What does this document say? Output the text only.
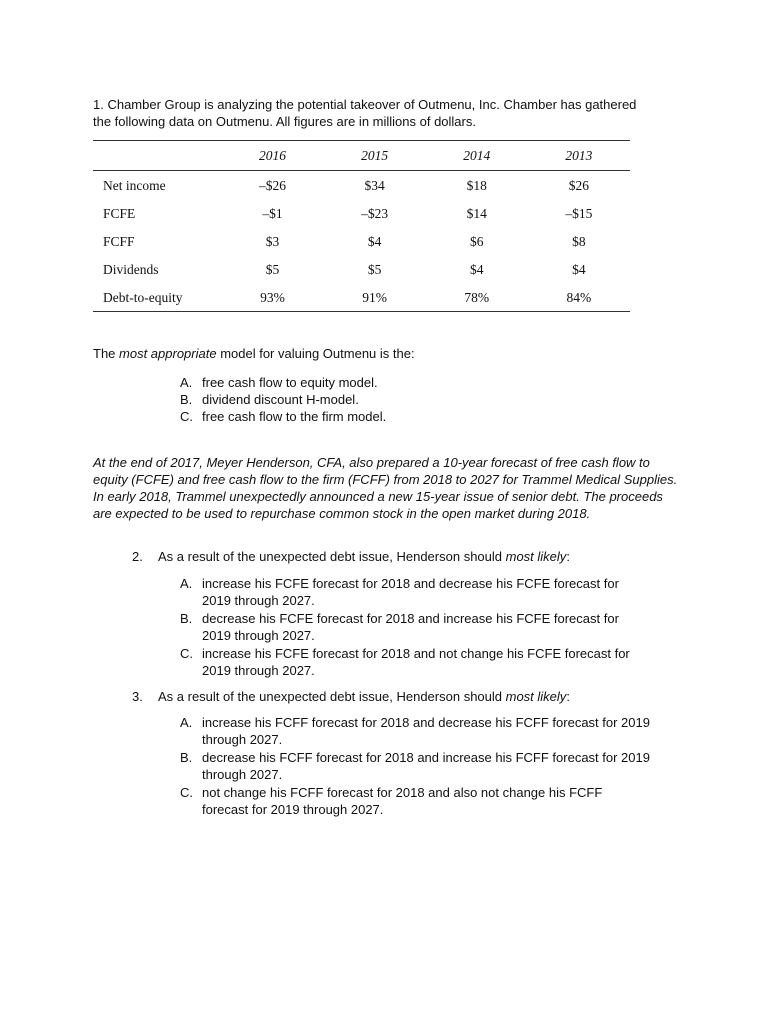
1. Chamber Group is analyzing the potential takeover of Outmenu, Inc. Chamber has gathered the following data on Outmenu. All figures are in millions of dollars.
	2016	2015	2014	2013
Net income	–$26	$34	$18	$26
FCFE	–$1	–$23	$14	–$15
FCFF	$3	$4	$6	$8
Dividends	$5	$5	$4	$4
Debt-to-equity	93%	91%	78%	84%
The most appropriate model for valuing Outmenu is the:
A. free cash flow to equity model.
B. dividend discount H-model.
C. free cash flow to the firm model.
At the end of 2017, Meyer Henderson, CFA, also prepared a 10-year forecast of free cash flow to equity (FCFE) and free cash flow to the firm (FCFF) from 2018 to 2027 for Trammel Medical Supplies. In early 2018, Trammel unexpectedly announced a new 15-year issue of senior debt. The proceeds are expected to be used to repurchase common stock in the open market during 2018.
2. As a result of the unexpected debt issue, Henderson should most likely:
A. increase his FCFE forecast for 2018 and decrease his FCFE forecast for 2019 through 2027.
B. decrease his FCFE forecast for 2018 and increase his FCFE forecast for 2019 through 2027.
C. increase his FCFE forecast for 2018 and not change his FCFE forecast for 2019 through 2027.
3. As a result of the unexpected debt issue, Henderson should most likely:
A. increase his FCFF forecast for 2018 and decrease his FCFF forecast for 2019 through 2027.
B. decrease his FCFF forecast for 2018 and increase his FCFF forecast for 2019 through 2027.
C. not change his FCFF forecast for 2018 and also not change his FCFF forecast for 2019 through 2027.
